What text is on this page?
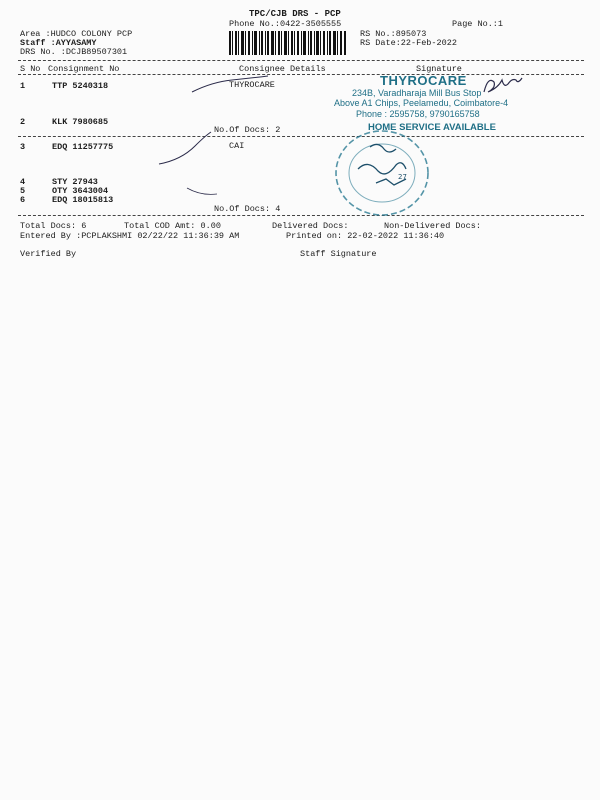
TPC/CJB DRS - PCP
Phone No.:0422-3505555	Page No.:1
Area :HUDCO COLONY PCP
Staff :AYYASAMY
DRS No. :DCJB89507301
RS No.:895073
RS Date:22-Feb-2022
S No Consignment No	Consignee Details	Signature
1	TTP 5240318	THYROCARE
2	KLK 7980685
No.Of Docs: 2
3	EDQ 11257775	CAI
4	STY 27943
5	OTY 3643004
6	EDQ 18015813
No.Of Docs: 4
Total Docs: 6	Total COD Amt: 0.00	Delivered Docs:	Non-Delivered Docs:
Entered By :PCPLAKSHMI 02/22/22 11:36:39 AM	Printed on: 22-02-2022 11:36:40
Verified By	Staff Signature
THYROCARE
234B, Varadharaja Mill Bus Stop
Above A1 Chips, Peelamedu, Coimbatore-4
Phone : 2595758, 9790165758
HOME SERVICE AVAILABLE
27
